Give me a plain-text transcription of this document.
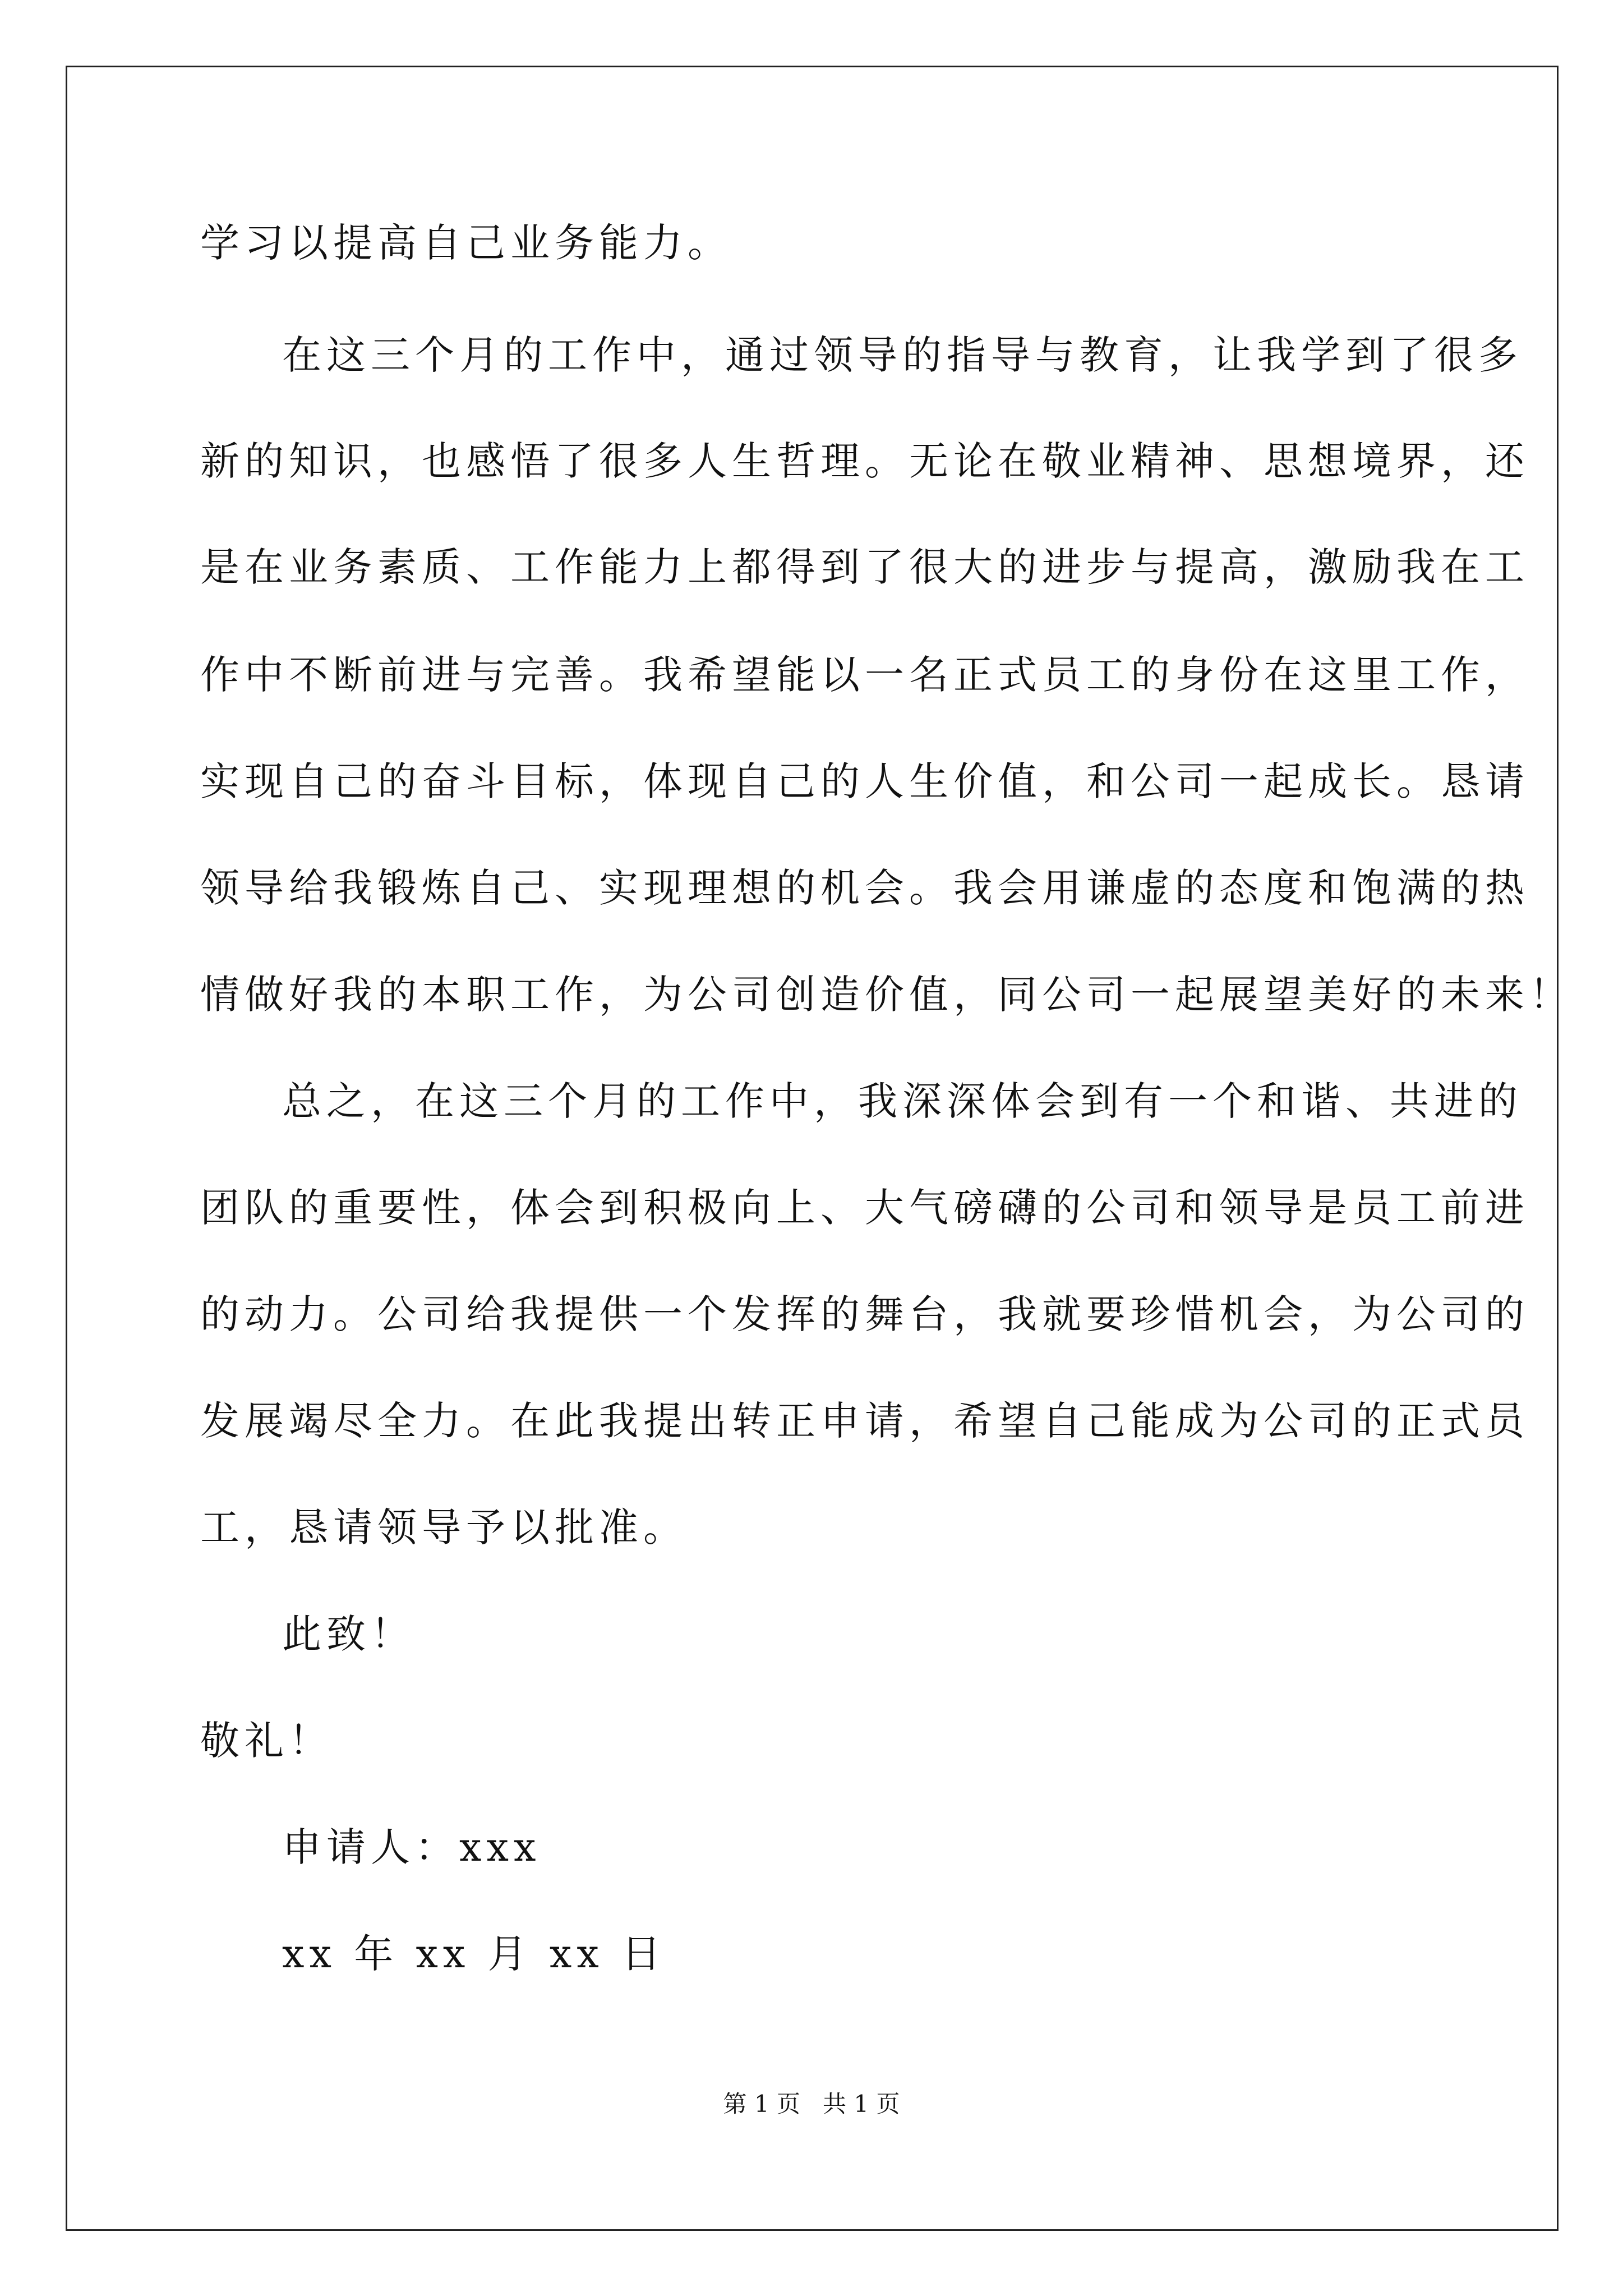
学习以提高自己业务能力。
在这三个月的工作中，通过领导的指导与教育，让我学到了很多
新的知识，也感悟了很多人生哲理。无论在敬业精神、思想境界，还
是在业务素质、工作能力上都得到了很大的进步与提高，激励我在工
作中不断前进与完善。我希望能以一名正式员工的身份在这里工作，
实现自己的奋斗目标，体现自己的人生价值，和公司一起成长。恳请
领导给我锻炼自己、实现理想的机会。我会用谦虚的态度和饱满的热
情做好我的本职工作，为公司创造价值，同公司一起展望美好的未来！
总之，在这三个月的工作中，我深深体会到有一个和谐、共进的
团队的重要性，体会到积极向上、大气磅礴的公司和领导是员工前进
的动力。公司给我提供一个发挥的舞台，我就要珍惜机会，为公司的
发展竭尽全力。在此我提出转正申请，希望自己能成为公司的正式员
工，恳请领导予以批准。
此致！
敬礼！
申请人：xxx
xx 年 xx 月 xx 日
第 1 页   共 1 页
